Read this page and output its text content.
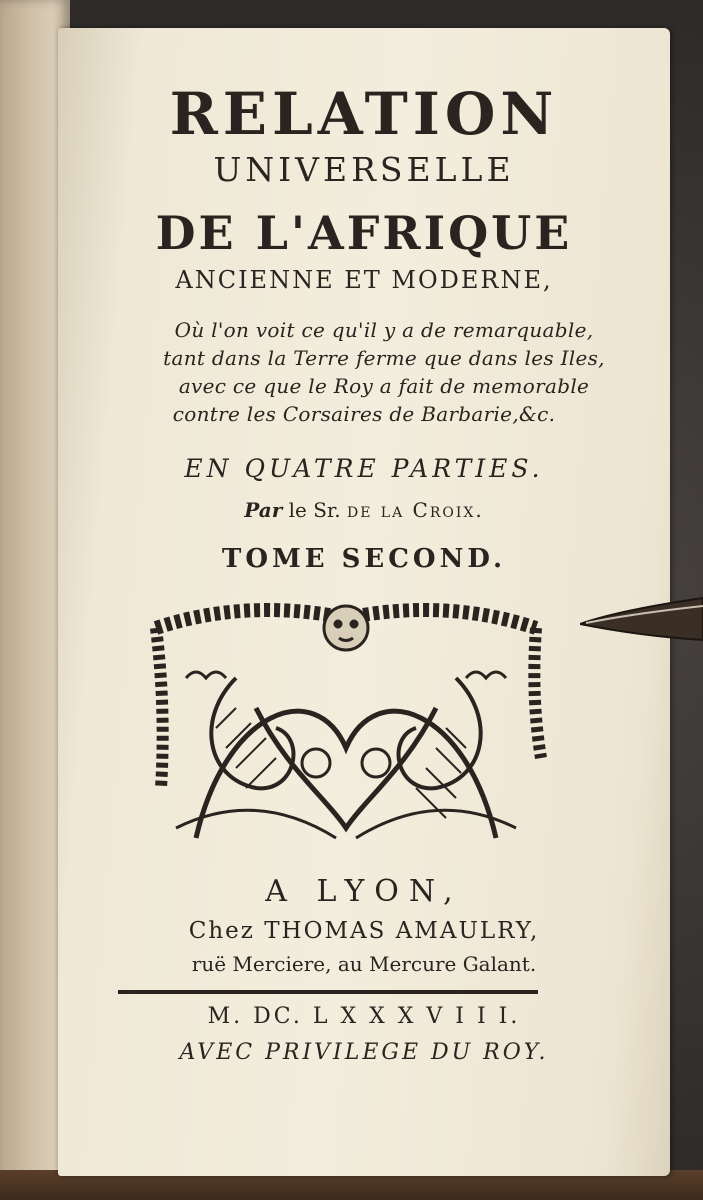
RELATION
UNIVERSELLE
DE L'AFRIQUE
ANCIENNE ET MODERNE,
Où l'on voit ce qu'il y a de remarquable,
tant dans la Terre ferme que dans les Iles,
avec ce que le Roy a fait de memorable
contre les Corsaires de Barbarie,&c.
EN QUATRE PARTIES.
Par le Sr. de la Croix.
TOME SECOND.
A LYON,
Chez THOMAS AMAULRY,
ruë Merciere, au Mercure Galant.
M. DC. L X X X V I I I.
AVEC PRIVILEGE DU ROY.
